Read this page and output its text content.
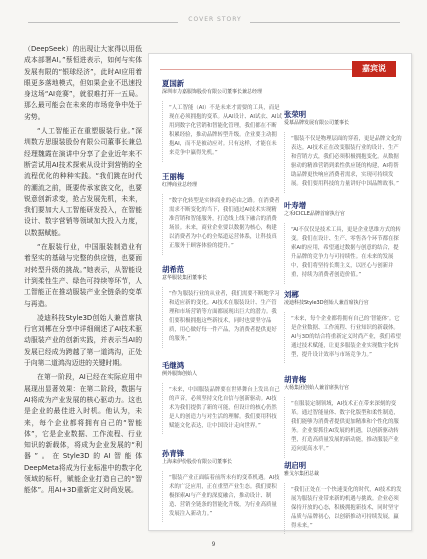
COVER STORY

（DeepSeek）的出现让大家得以用低成本部署AI。”蔡恒进表示，如何与实体发展有限的“银球经济”，此时AI应用着眼更多落地模式，但如果企业不迅速投身这场“AI竞赛”，就很难打开一五局。那么最可能会在未来的市场竞争中处于劣势。

“人工智能正在重塑服装行业。”深圳数方思服装股份有限公司董事长兼总经理魏霞在演讲中分享了企业近年来不断尝试用AI技术探索从设计到营销的全流程优化的种种实践。“我们跳在时代的潮流之前，既要传承家族文化，也要锐意创新求变，抢占发展先机，未来，我们要加大人工智能研发投入，在智能设计、数字营销等领域加大投入力度，以数据赋能。

“在服装行业，中国服装制造业有着坚实的基础与完整的供应链，也要面对转型升级的挑战。”她表示，从智能设计到柔性生产、绿色可持续等环节，人工智能正在推动服装产业全链条的变革与再造。

凌迪科技Style3D创始人兼首席执行官刘郴在分享中详细阐述了AI技术驱动服装产业的创新实践，并表示当AI的发展已经成为跨越了第一道鸿沟，正处于向第二道鸿沟迈进的关键时期。

在第一阶段，AI已经在实际应用中展现出显著效果：在第二阶段，数据与AI将成为产业发展的核心驱动力。这也是企业的最佳进入时机。他认为，未来，每个企业都将拥有自己的“智能体”，它是企业数据、工作流程、行业知识的新载体，将成为企业发展的“利器”。在Style3D的AI智能体DeepMeta将成为行业标准中的数字化领域的标杆，赋能企业打造自己的“智能体”。用AI+3D重新定义时尚发展。

嘉宾说
夏国新
深圳市力嘉服饰股份有限公司董事长兼总经理
“ “人工智能（AI）不是未来才需要的工具，而是现在必须拥抱的变革。从AI设计、AI试衣、AI试用到数字化营销和智能化管理，我们都在不断积累经验，推动品牌转型升级。企业要主动拥抱AI，而不是被动应对。只有这样，才能在未来竞争中赢得先机。”
王丽梅
红博商业总经理
“ “数字化转型是实体商业的必由之路。在消费者需求不断变化的当下，我们通过AI技术实现精准营销和智能服务，打造线上线下融合的消费场景。未来，商业企业要以数据为核心，构建以消费者为中心的全渠道运营体系，让科技真正服务于顾客体验的提升。”
胡希范
意华服装集团董事长
“ “作为服装行业的从业者，我们需要不断地学习和适应新的变化。AI技术在服装设计、生产管理和市场营销等方面都展现出巨大的潜力。我们要积极拥抱这些新技术，同时也要坚守品质，用心做好每一件产品，为消费者提供更好的服务。”
毛继鸿
例外服饰创始人
“ “未来，中国服装品牌要在世界舞台上发出自己的声音，必须坚持文化自信与创新驱动。AI技术为我们提供了新的可能，但设计的核心仍然是人的创造力与对生活的理解。我们要用科技赋能文化表达，让中国设计走向世界。”
孙青锋
上海来伊份股份有限公司董事长
“ “服装产业正面临着前所未有的变革机遇。AI技术的广泛应用，正在重塑产业生态。我们要积极探索AI与产业的深度融合，推动设计、制造、营销全链条的智能化升级，为行业高质量发展注入新动力。”
张荣明
爱慕品牌发展有限公司董事长
“ “服装不仅是物理层面的穿着，更是品牌文化的表达。AI技术正在改变服装行业的设计、生产和营销方式，我们必须积极拥抱变化。从数据驱动的精准营销到柔性供应链的构建，AI将帮助品牌更快响应消费者需求，实现可持续发展。我们要用科技的力量讲好中国品牌故事。”
叶寿增
之禾ICICLE品牌首席执行官
“ “AI不仅仅是技术工具，更是企业思维方式的转变。我们在设计、生产、零售各个环节都在探索AI的应用，希望通过数据与创意的结合，提升品牌的竞争力与可持续性。在未来的发展中，我们将坚持长期主义，以匠心与创新并重，持续为消费者创造价值。”
刘郴
凌迪科技Style3D创始人兼首席执行官
“ “未来，每个企业都将拥有自己的‘智能体’。它是企业数据、工作流程、行业知识的新载体。AI与3D的结合将重新定义时尚产业，我们希望通过技术赋能，让更多服装企业实现数字化转型，提升设计效率与市场竞争力。”
胡青梅
大杨集团创始人兼首席执行官
“ “在服装定制领域，AI技术正在带来深刻的变革。通过智能量体、数字化版型和柔性制造，我们能够为消费者提供更加精准和个性化的服务。企业要抓住AI发展的机遇，以创新驱动转型，打造高质量发展的新动能，推动服装产业迈向更高水平。”
胡启明
雅戈尔集团总裁
“ “我们正处在一个快速变化的时代，AI技术的发展为服装行业带来新的机遇与挑战。企业必须保持开放的心态，积极拥抱新技术，同时坚守品质与品牌初心，以创新推动可持续发展，赢得未来。”
9
